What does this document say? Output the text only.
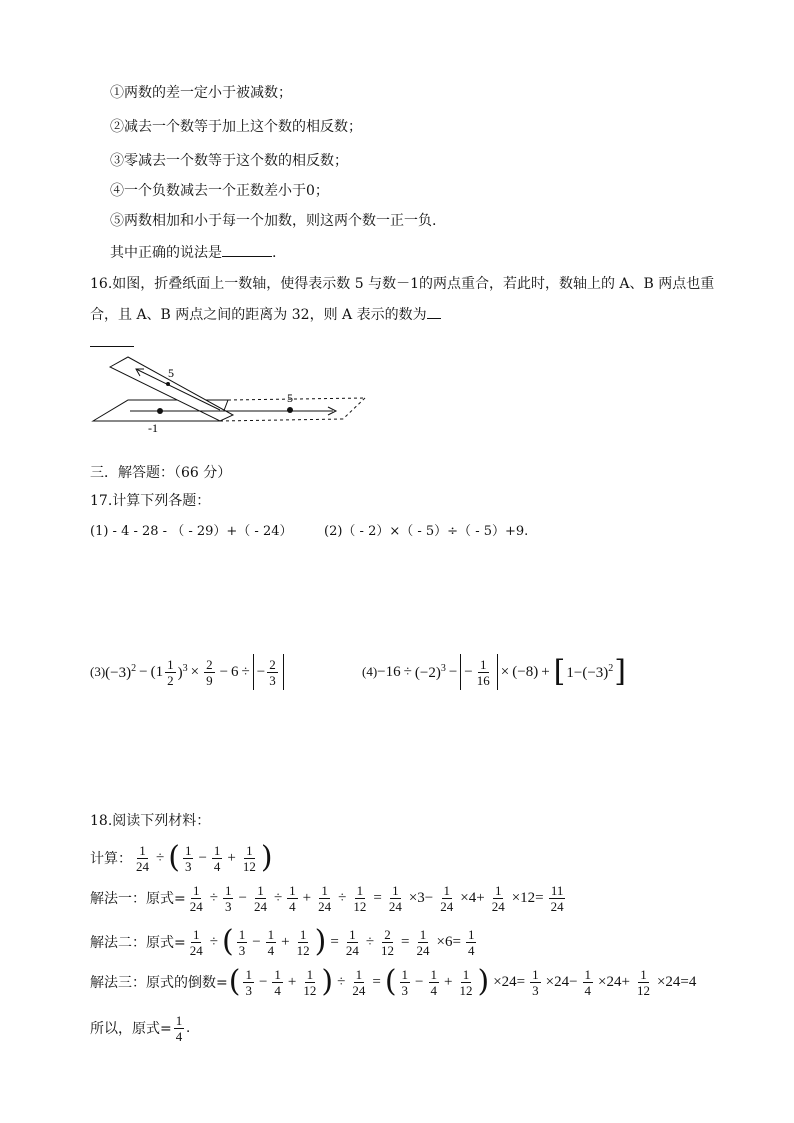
①两数的差一定小于被减数；
②减去一个数等于加上这个数的相反数；
③零减去一个数等于这个数的相反数；
④一个负数减去一个正数差小于0；
⑤两数相加和小于每一个加数，则这两个数一正一负.
其中正确的说法是	.
16.如图，折叠纸面上一数轴，使得表示数 5 与数－1的两点重合，若此时，数轴上的 A、B 两点也重
合，且 A、B 两点之间的距离为 32，则 A 表示的数为
5
5
-1
三．解答题：（66 分）
17.计算下列各题：
(1) - 4 - 28 - （ - 29）+（ - 24） (2)（ - 2）×（ - 5）÷（ - 5）+9.
(3) $(-3)^2 - (1 \frac{1}{2} )^3 \times \frac{2}{9} - 6$ ÷ − $\frac{2}{3}$	$(4) -16 \div (-2)^3$ − − $\frac{1}{16} \times (-8)$ + [ $1-(-3)^2$ ]
18.阅读下列材料：
计算： $\frac{1}{24}$ ÷ ( $\frac{1}{3} - \frac{1}{4} + \frac{1}{12}$ )
解法一：原式= $\frac{1}{24} \div \frac{1}{3} - \frac{1}{24} \div \frac{1}{4} + \frac{1}{24} \div \frac{1}{12} = \frac{1}{24} \times 3- \frac{1}{24} \times 4+ \frac{1}{24} \times 12= \frac{11}{24}$
解法二：原式= $\frac{1}{24}$ ÷ ( $\frac{1}{3} - \frac{1}{4} + \frac{1}{12}$ ) = $\frac{1}{24} \div \frac{2}{12} = \frac{1}{24} \times 6= \frac{1}{4}$
解法三：原式的倒数= ( $\frac{1}{3} - \frac{1}{4} + \frac{1}{12}$ ) ÷ $\frac{1}{24}$ = ( $\frac{1}{3} - \frac{1}{4} + \frac{1}{12}$ ) $\times 24= \frac{1}{3} \times 24- \frac{1}{4} \times 24+ \frac{1}{12} \times 24=4$
所以，原式= $\frac{1}{4}$ .
